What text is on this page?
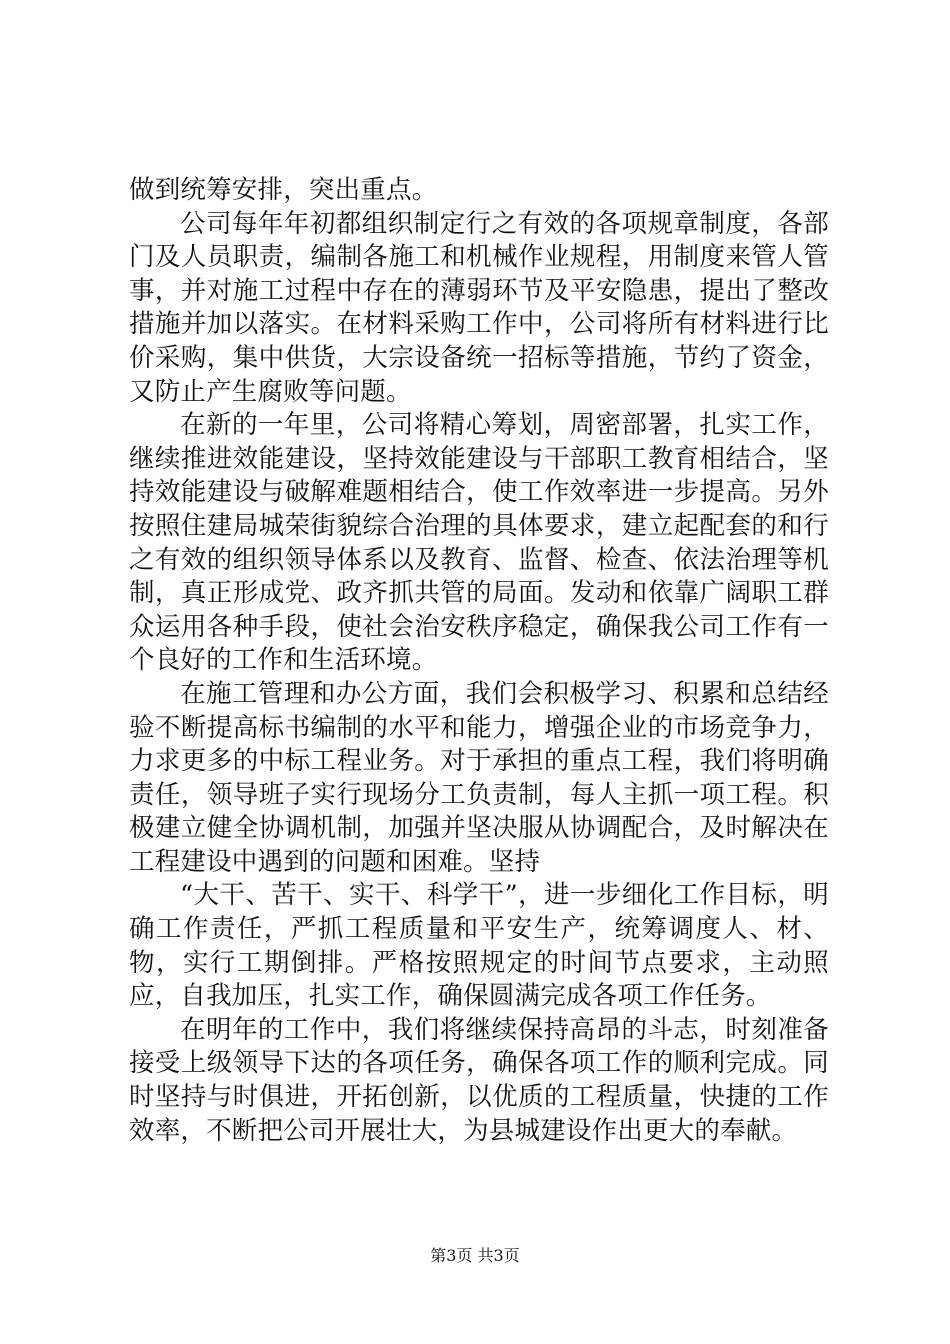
做到统筹安排，突出重点。

公司每年年初都组织制定行之有效的各项规章制度，各部门及人员职责，编制各施工和机械作业规程，用制度来管人管事，并对施工过程中存在的薄弱环节及平安隐患，提出了整改措施并加以落实。在材料采购工作中，公司将所有材料进行比价采购，集中供货，大宗设备统一招标等措施，节约了资金，又防止产生腐败等问题。

在新的一年里，公司将精心筹划，周密部署，扎实工作，继续推进效能建设，坚持效能建设与干部职工教育相结合，坚持效能建设与破解难题相结合，使工作效率进一步提高。另外按照住建局城荣街貌综合治理的具体要求，建立起配套的和行之有效的组织领导体系以及教育、监督、检查、依法治理等机制，真正形成党、政齐抓共管的局面。发动和依靠广阔职工群众运用各种手段，使社会治安秩序稳定，确保我公司工作有一个良好的工作和生活环境。

在施工管理和办公方面，我们会积极学习、积累和总结经验不断提高标书编制的水平和能力，增强企业的市场竞争力，力求更多的中标工程业务。对于承担的重点工程，我们将明确责任，领导班子实行现场分工负责制，每人主抓一项工程。积极建立健全协调机制，加强并坚决服从协调配合，及时解决在工程建设中遇到的问题和困难。坚持

“大干、苦干、实干、科学干”，进一步细化工作目标，明确工作责任，严抓工程质量和平安生产，统筹调度人、材、物，实行工期倒排。严格按照规定的时间节点要求，主动照应，自我加压，扎实工作，确保圆满完成各项工作任务。

在明年的工作中，我们将继续保持高昂的斗志，时刻准备接受上级领导下达的各项任务，确保各项工作的顺利完成。同时坚持与时俱进，开拓创新，以优质的工程质量，快捷的工作效率，不断把公司开展壮大，为县城建设作出更大的奉献。

第3页 共3页
